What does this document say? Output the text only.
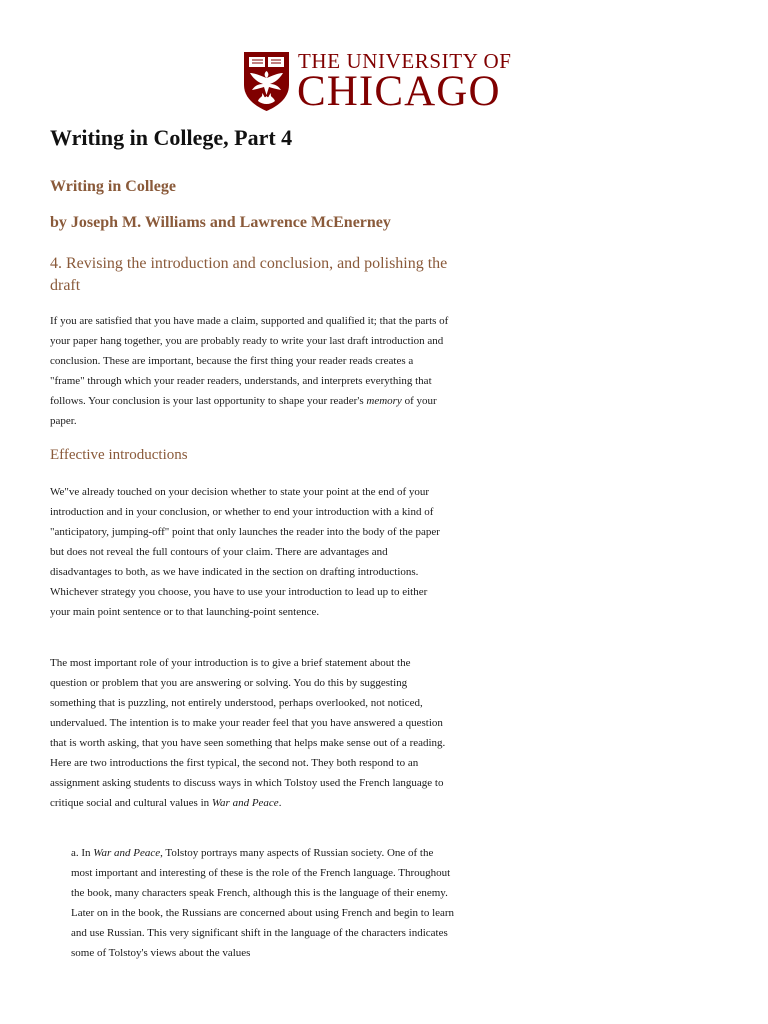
THE UNIVERSITY OF
CHICAGO
Writing in College, Part 4
Writing in College
by Joseph M. Williams and Lawrence McEnerney
4. Revising the introduction and conclusion, and polishing the draft

If you are satisfied that you have made a claim, supported and qualified it; that the parts of your paper hang together, you are probably ready to write your last draft introduction and conclusion. These are important, because the first thing your reader reads creates a "frame" through which your reader readers, understands, and interprets everything that follows. Your conclusion is your last opportunity to shape your reader's memory of your paper.

Effective introductions

We"ve already touched on your decision whether to state your point at the end of your introduction and in your conclusion, or whether to end your introduction with a kind of "anticipatory, jumping-off" point that only launches the reader into the body of the paper but does not reveal the full contours of your claim. There are advantages and disadvantages to both, as we have indicated in the section on drafting introductions. Whichever strategy you choose, you have to use your introduction to lead up to either your main point sentence or to that launching-point sentence.

The most important role of your introduction is to give a brief statement about the question or problem that you are answering or solving. You do this by suggesting something that is puzzling, not entirely understood, perhaps overlooked, not noticed, undervalued. The intention is to make your reader feel that you have answered a question that is worth asking, that you have seen something that helps make sense out of a reading. Here are two introductions the first typical, the second not. They both respond to an assignment asking students to discuss ways in which Tolstoy used the French language to critique social and cultural values in War and Peace.

a. In War and Peace, Tolstoy portrays many aspects of Russian society. One of the most important and interesting of these is the role of the French language. Throughout the book, many characters speak French, although this is the language of their enemy. Later on in the book, the Russians are concerned about using French and begin to learn and use Russian. This very significant shift in the language of the characters indicates some of Tolstoy's views about the values
